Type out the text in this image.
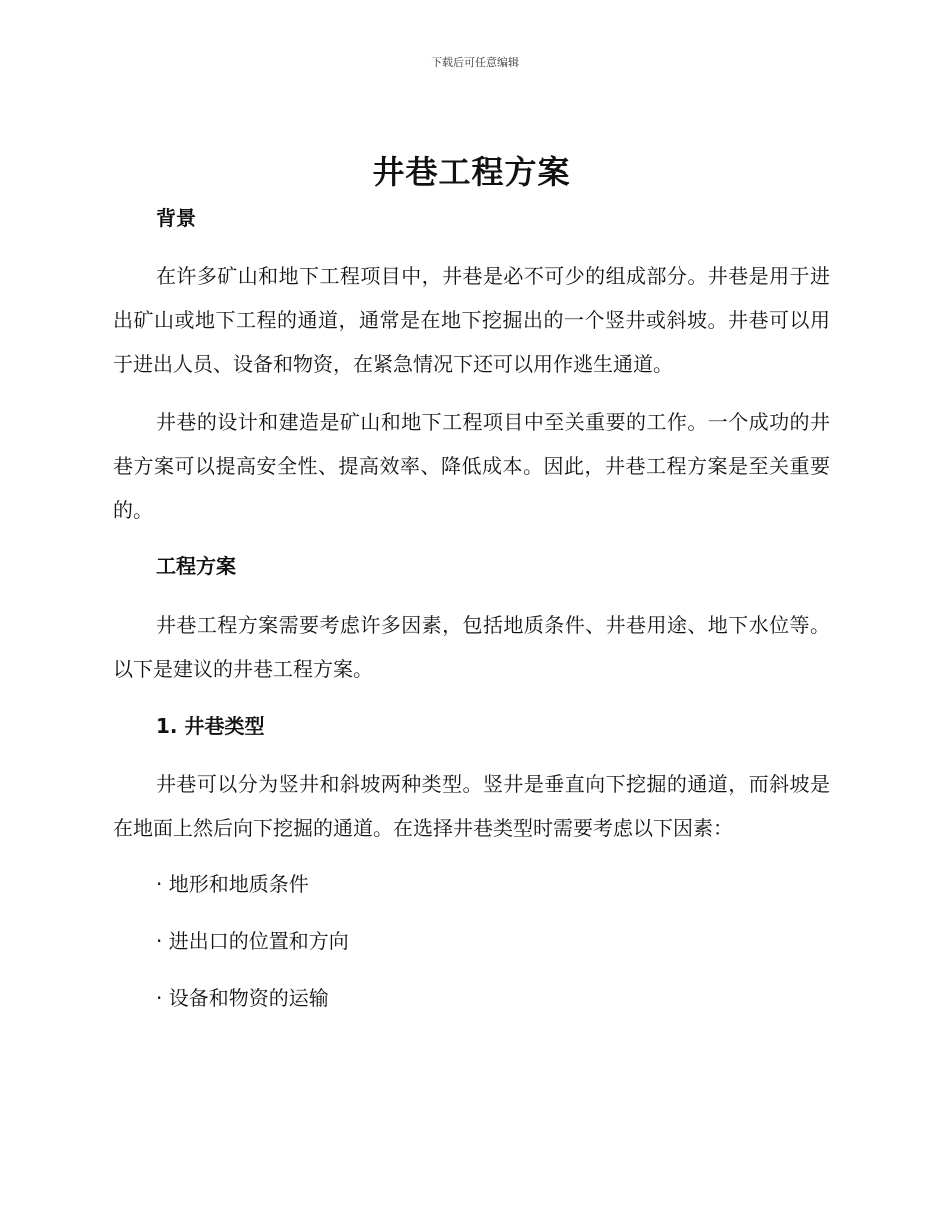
下载后可任意编辑
井巷工程方案
背景

在许多矿山和地下工程项目中，井巷是必不可少的组成部分。井巷是用于进出矿山或地下工程的通道，通常是在地下挖掘出的一个竖井或斜坡。井巷可以用于进出人员、设备和物资，在紧急情况下还可以用作逃生通道。

井巷的设计和建造是矿山和地下工程项目中至关重要的工作。一个成功的井巷方案可以提高安全性、提高效率、降低成本。因此，井巷工程方案是至关重要的。

工程方案

井巷工程方案需要考虑许多因素，包括地质条件、井巷用途、地下水位等。以下是建议的井巷工程方案。

1. 井巷类型

井巷可以分为竖井和斜坡两种类型。竖井是垂直向下挖掘的通道，而斜坡是在地面上然后向下挖掘的通道。在选择井巷类型时需要考虑以下因素：

· 地形和地质条件

· 进出口的位置和方向

· 设备和物资的运输
